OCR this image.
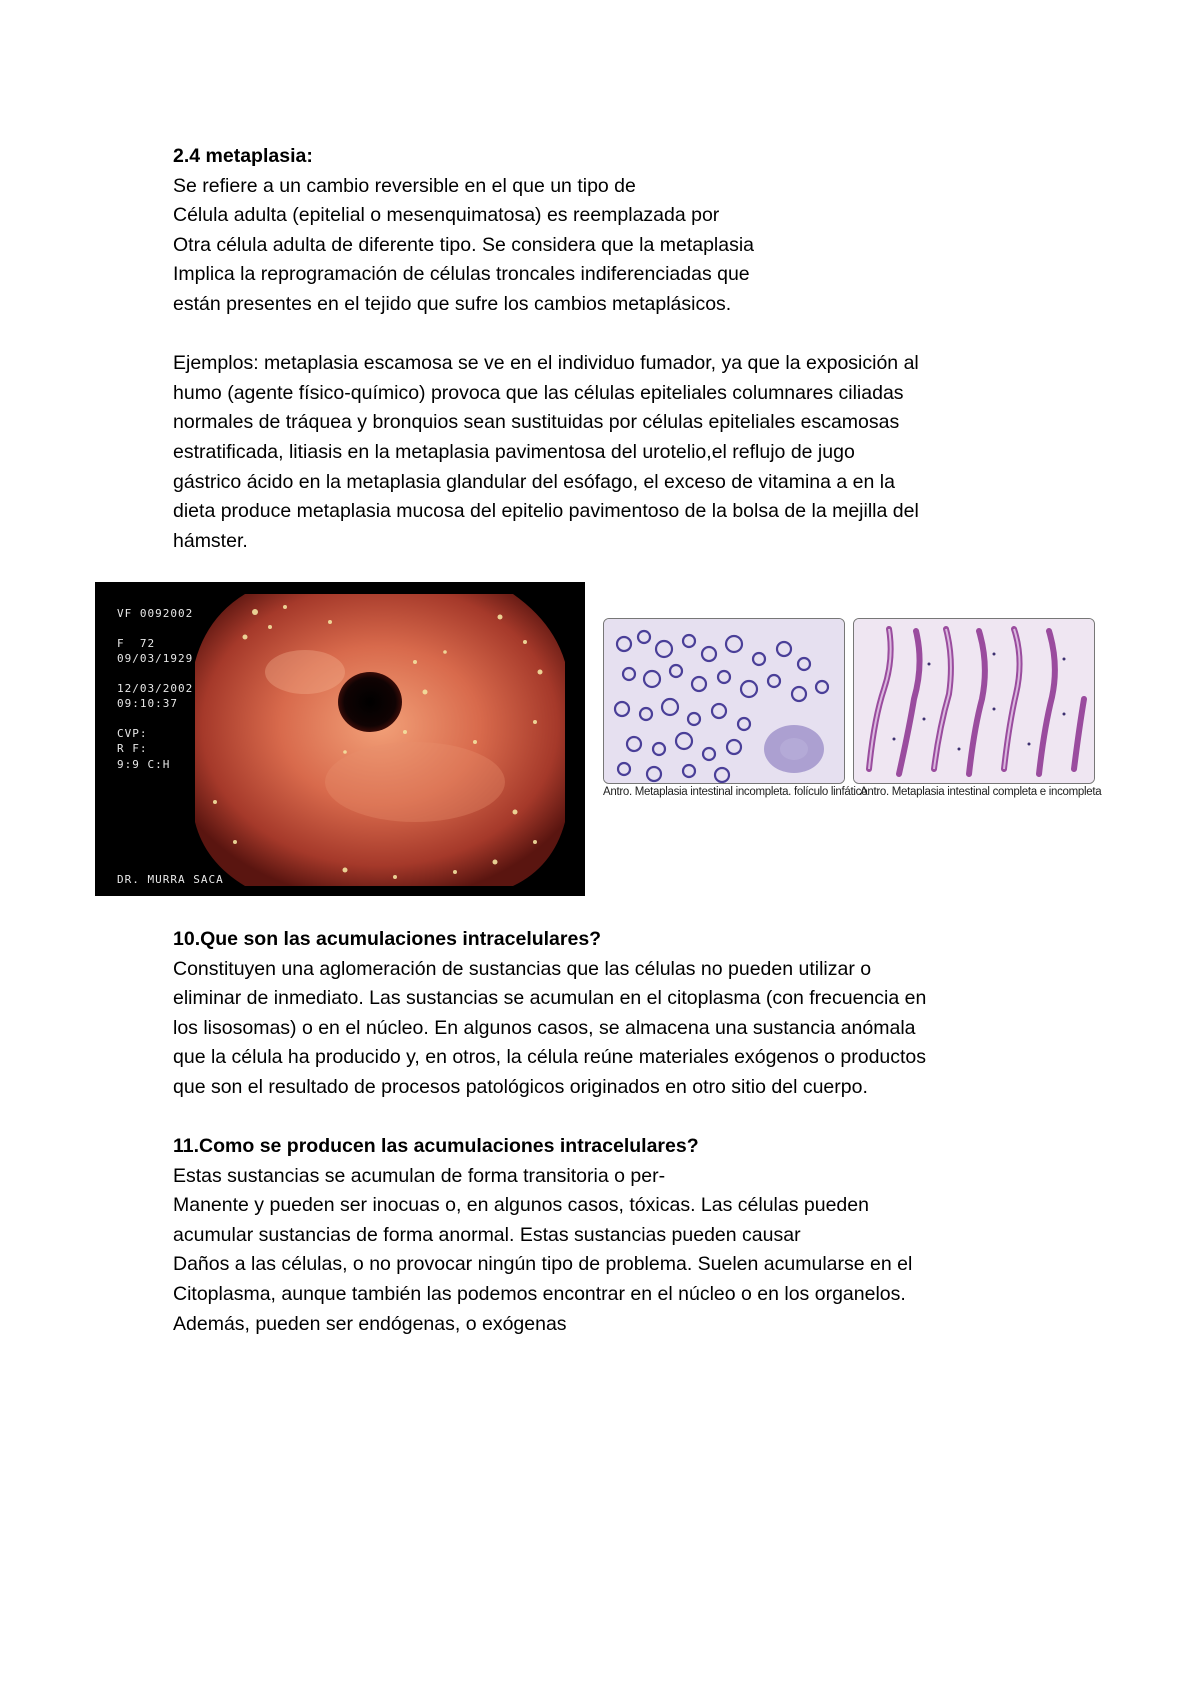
2.4 metaplasia:

Se refiere a un cambio reversible en el que un tipo de

Célula adulta (epitelial o mesenquimatosa) es reemplazada por

Otra célula adulta de diferente tipo. Se considera que la metaplasia

Implica la reprogramación de células troncales indiferenciadas que

están presentes en el tejido que sufre los cambios metaplásicos.

Ejemplos: metaplasia escamosa se ve en el individuo fumador, ya que la exposición al

humo (agente físico-químico) provoca que las células epiteliales columnares ciliadas

normales de tráquea y bronquios sean sustituidas por células epiteliales escamosas

estratificada, litiasis en la metaplasia pavimentosa del urotelio,el reflujo de jugo

gástrico ácido en la metaplasia glandular del esófago, el exceso de vitamina a en la

dieta produce metaplasia mucosa del epitelio pavimentoso de la bolsa de la mejilla del

hámster.

VF 0092002
F  72
09/03/1929
12/03/2002
09:10:37
CVP:
R F:
9:9 C:H
DR. MURRA SACA
Antro. Metaplasia intestinal incompleta. folículo linfático
Antro. Metaplasia intestinal completa e incompleta

10.Que son las acumulaciones intracelulares?

Constituyen una aglomeración de sustancias que las células no pueden utilizar o

eliminar de inmediato. Las sustancias se acumulan en el citoplasma (con frecuencia en

los lisosomas) o en el núcleo. En algunos casos, se almacena una sustancia anómala

que la célula ha producido y, en otros, la célula reúne materiales exógenos o productos

que son el resultado de procesos patológicos originados en otro sitio del cuerpo.

11.Como se producen las acumulaciones intracelulares?

Estas sustancias se acumulan de forma transitoria o per-

Manente y pueden ser inocuas o, en algunos casos, tóxicas. Las células pueden

acumular sustancias de forma anormal. Estas sustancias pueden causar

Daños a las células, o no provocar ningún tipo de problema. Suelen acumularse en el

Citoplasma, aunque también las podemos encontrar en el núcleo o en los organelos.

Además, pueden ser endógenas, o exógenas
